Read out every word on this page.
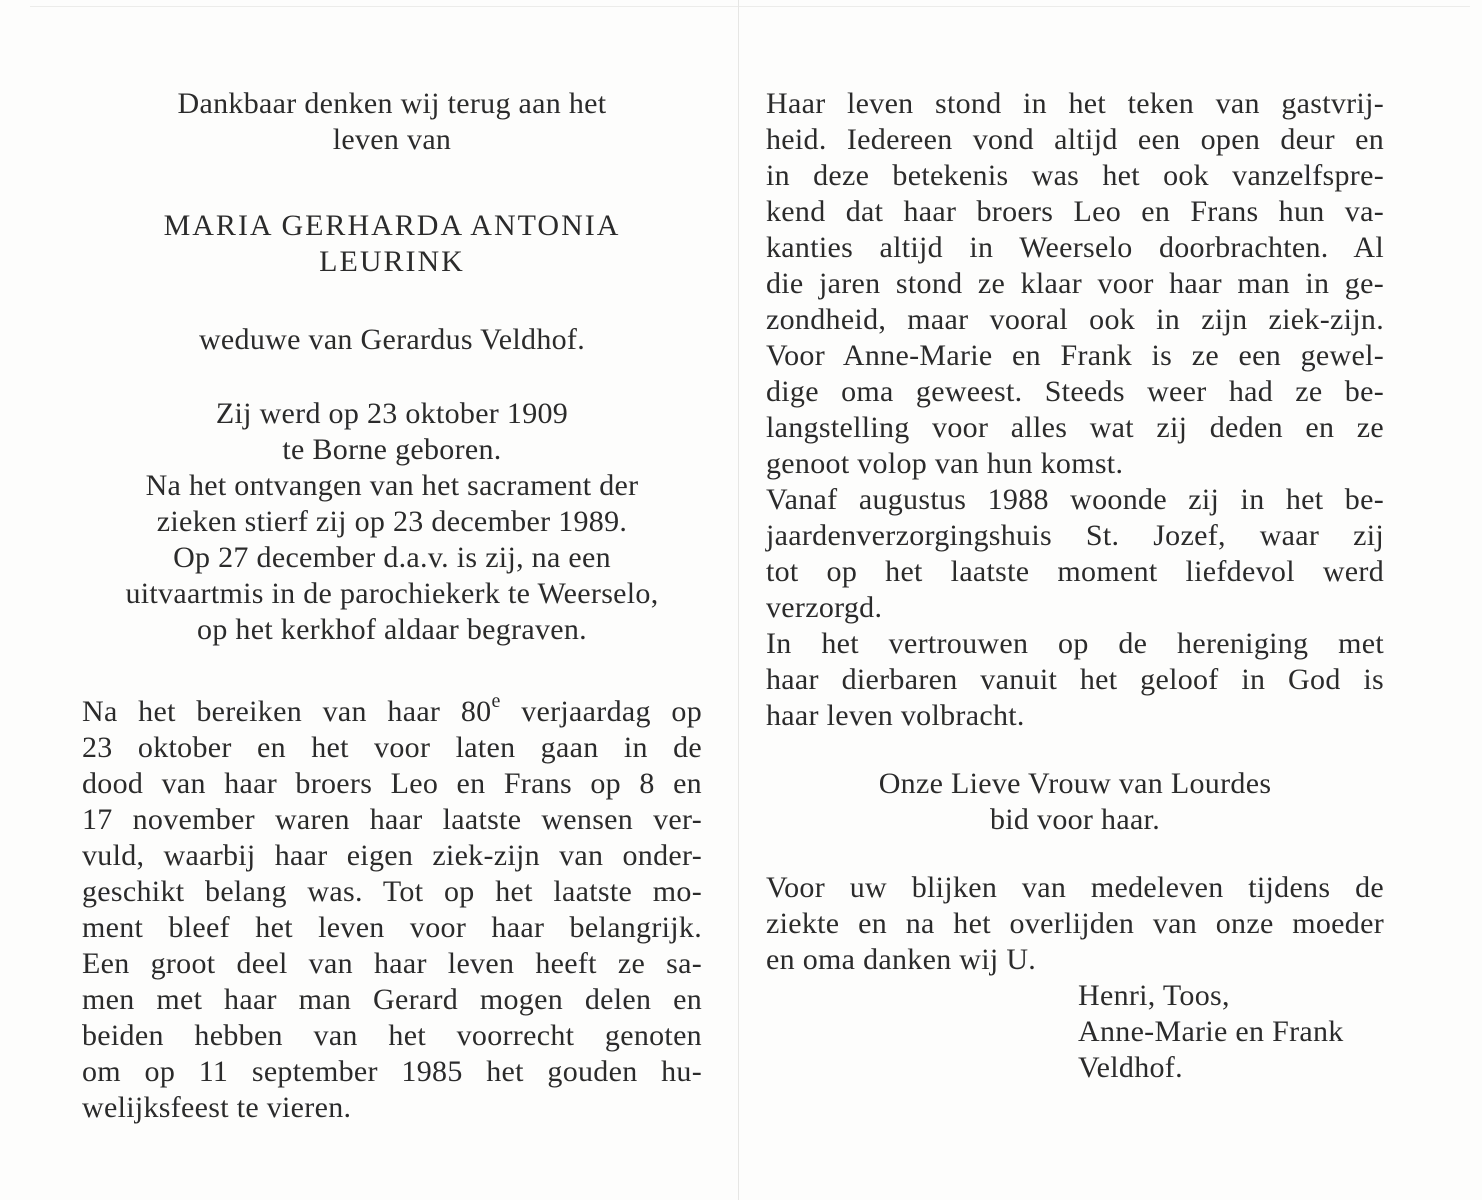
Dankbaar denken wij terug aan het
leven van
MARIA GERHARDA ANTONIA
LEURINK
weduwe van Gerardus Veldhof.
Zij werd op 23 oktober 1909
te Borne geboren.
Na het ontvangen van het sacrament der
zieken stierf zij op 23 december 1989.
Op 27 december d.a.v. is zij, na een
uitvaartmis in de parochiekerk te Weerselo,
op het kerkhof aldaar begraven.
Na het bereiken van haar 80e verjaardag op
23 oktober en het voor laten gaan in de
dood van haar broers Leo en Frans op 8 en
17 november waren haar laatste wensen ver-
vuld, waarbij haar eigen ziek-zijn van onder-
geschikt belang was. Tot op het laatste mo-
ment bleef het leven voor haar belangrijk.
Een groot deel van haar leven heeft ze sa-
men met haar man Gerard mogen delen en
beiden hebben van het voorrecht genoten
om op 11 september 1985 het gouden hu-
welijksfeest te vieren.
Haar leven stond in het teken van gastvrij-
heid. Iedereen vond altijd een open deur en
in deze betekenis was het ook vanzelfspre-
kend dat haar broers Leo en Frans hun va-
kanties altijd in Weerselo doorbrachten. Al
die jaren stond ze klaar voor haar man in ge-
zondheid, maar vooral ook in zijn ziek-zijn.
Voor Anne-Marie en Frank is ze een gewel-
dige oma geweest. Steeds weer had ze be-
langstelling voor alles wat zij deden en ze
genoot volop van hun komst.
Vanaf augustus 1988 woonde zij in het be-
jaardenverzorgingshuis St. Jozef, waar zij
tot op het laatste moment liefdevol werd
verzorgd.
In het vertrouwen op de hereniging met
haar dierbaren vanuit het geloof in God is
haar leven volbracht.
Onze Lieve Vrouw van Lourdes
bid voor haar.
Voor uw blijken van medeleven tijdens de
ziekte en na het overlijden van onze moeder
en oma danken wij U.
Henri, Toos,
Anne-Marie en Frank
Veldhof.
